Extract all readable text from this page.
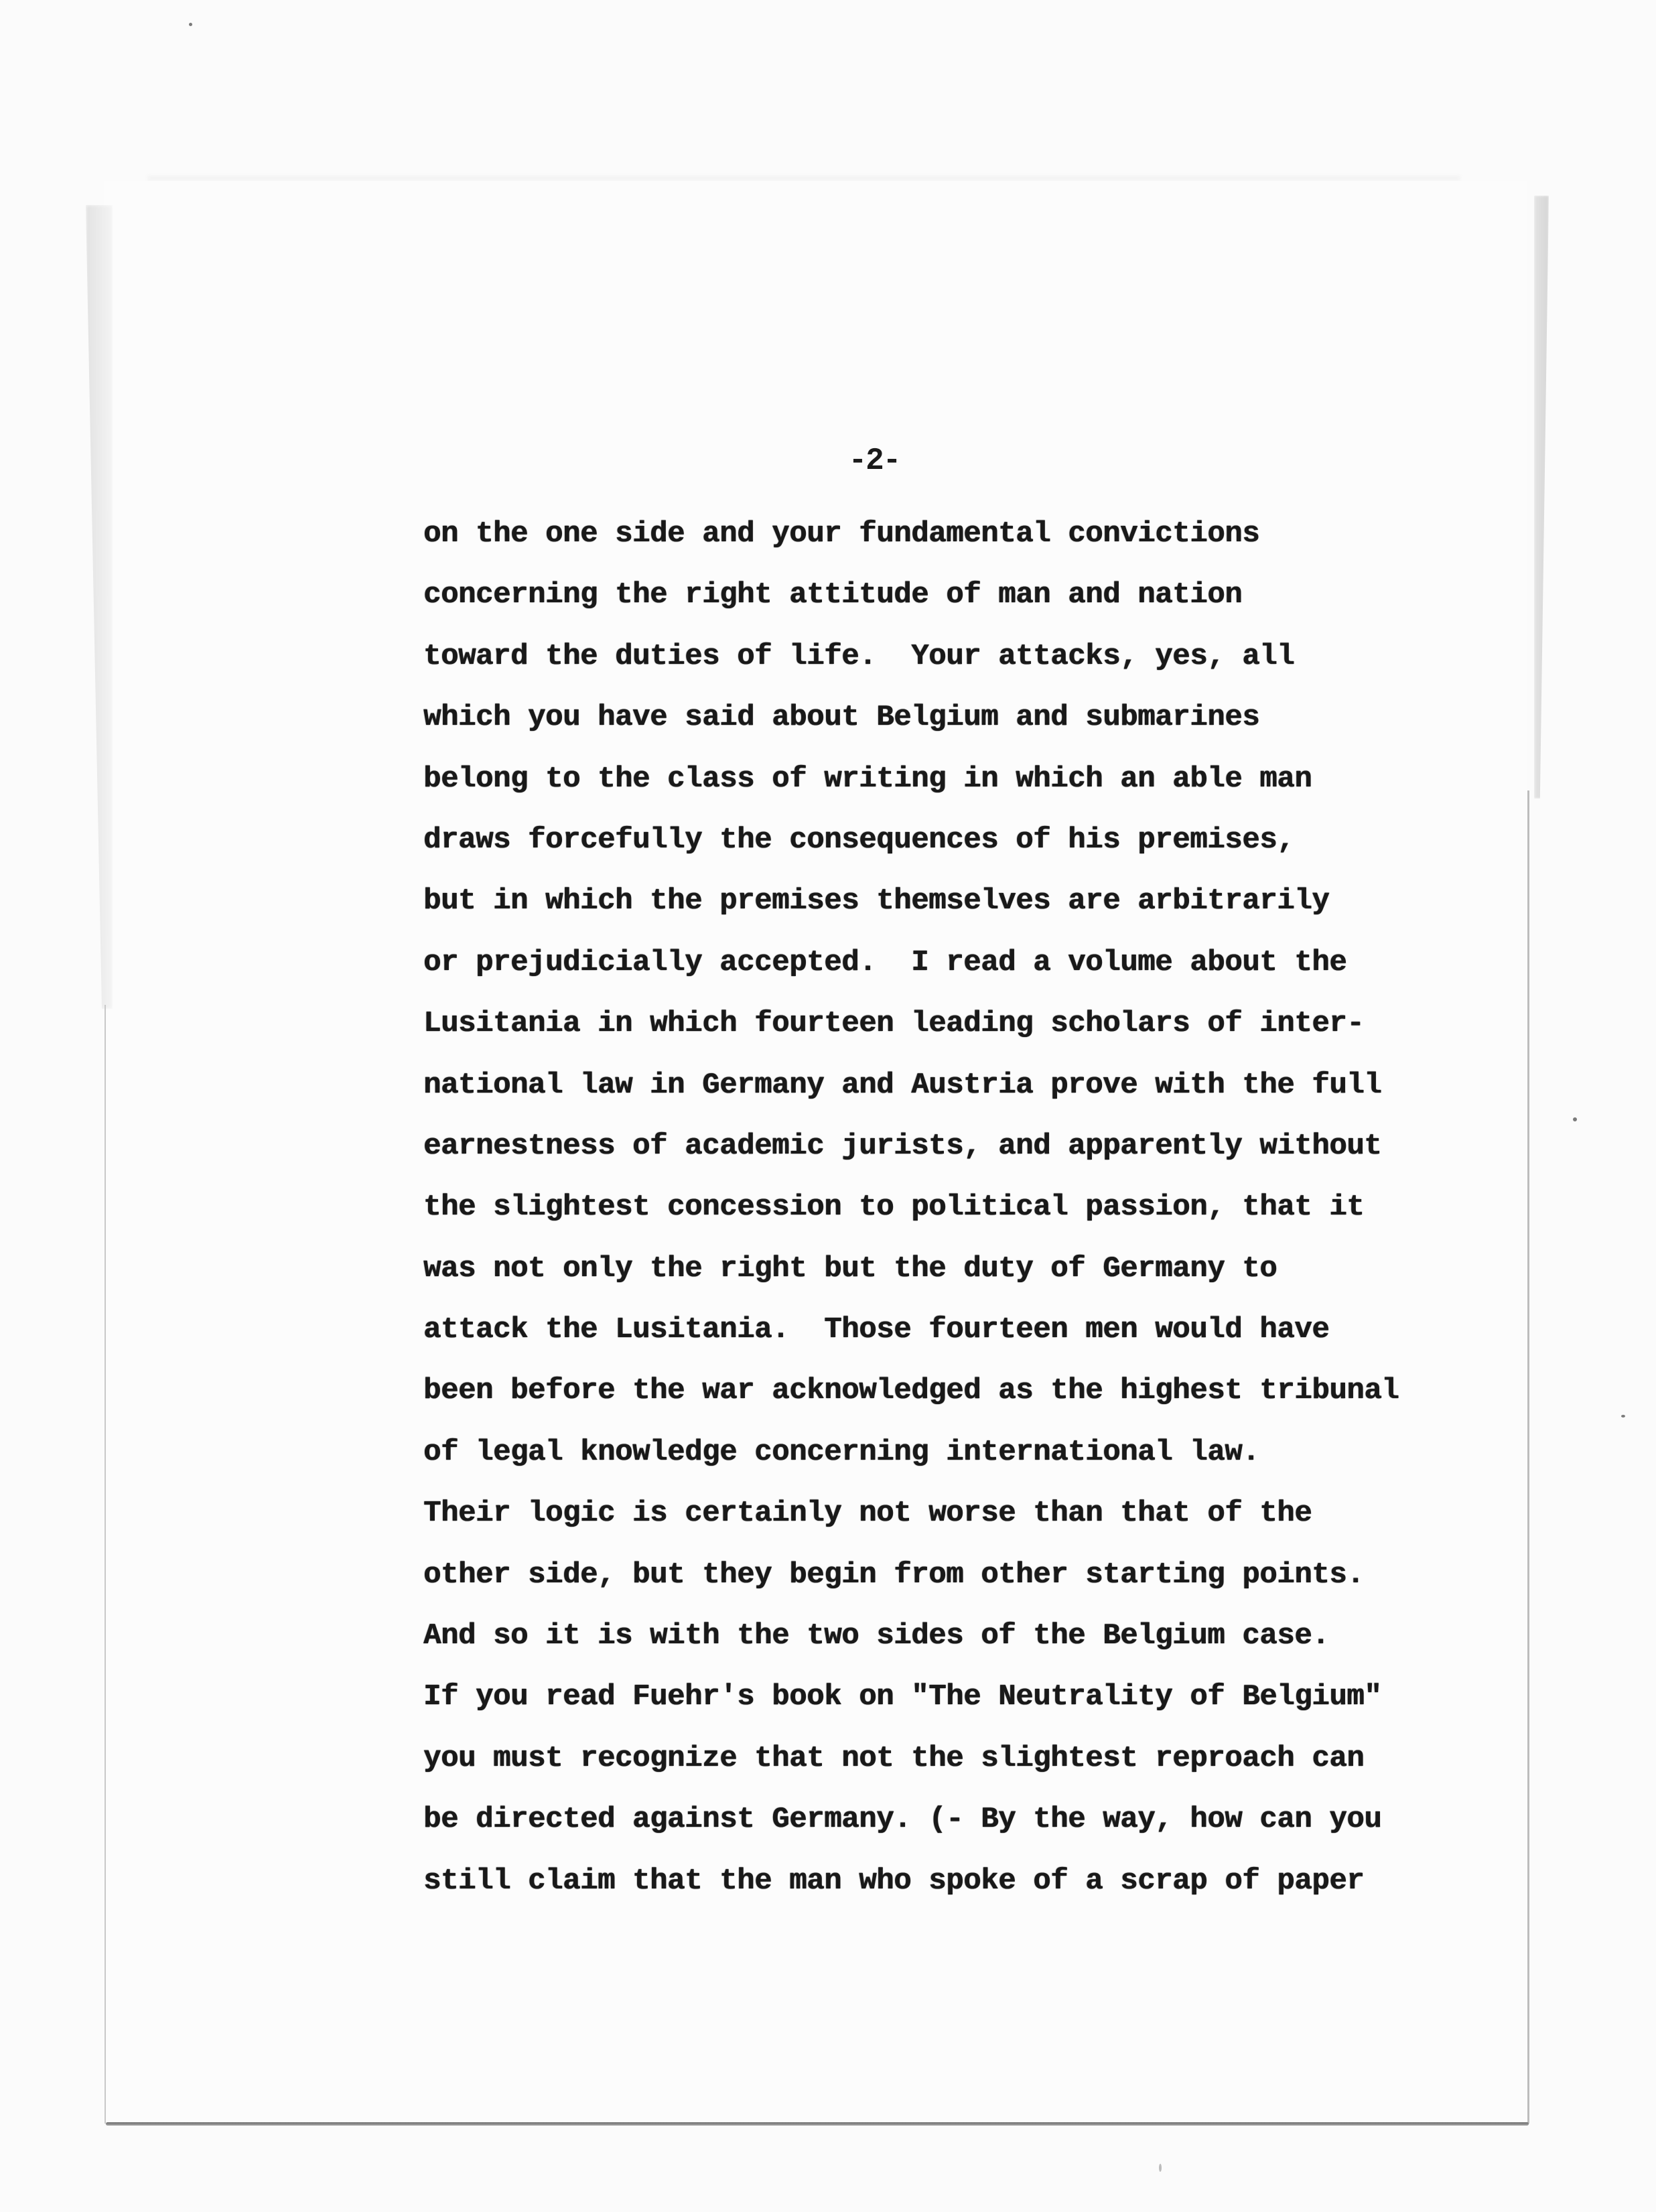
-2-
on the one side and your fundamental convictions
concerning the right attitude of man and nation
toward the duties of life.  Your attacks, yes, all
which you have said about Belgium and submarines
belong to the class of writing in which an able man
draws forcefully the consequences of his premises,
but in which the premises themselves are arbitrarily
or prejudicially accepted.  I read a volume about the
Lusitania in which fourteen leading scholars of inter-
national law in Germany and Austria prove with the full
earnestness of academic jurists, and apparently without
the slightest concession to political passion, that it
was not only the right but the duty of Germany to
attack the Lusitania.  Those fourteen men would have
been before the war acknowledged as the highest tribunal
of legal knowledge concerning international law.
Their logic is certainly not worse than that of the
other side, but they begin from other starting points.
And so it is with the two sides of the Belgium case.
If you read Fuehr's book on "The Neutrality of Belgium"
you must recognize that not the slightest reproach can
be directed against Germany. (- By the way, how can you
still claim that the man who spoke of a scrap of paper
